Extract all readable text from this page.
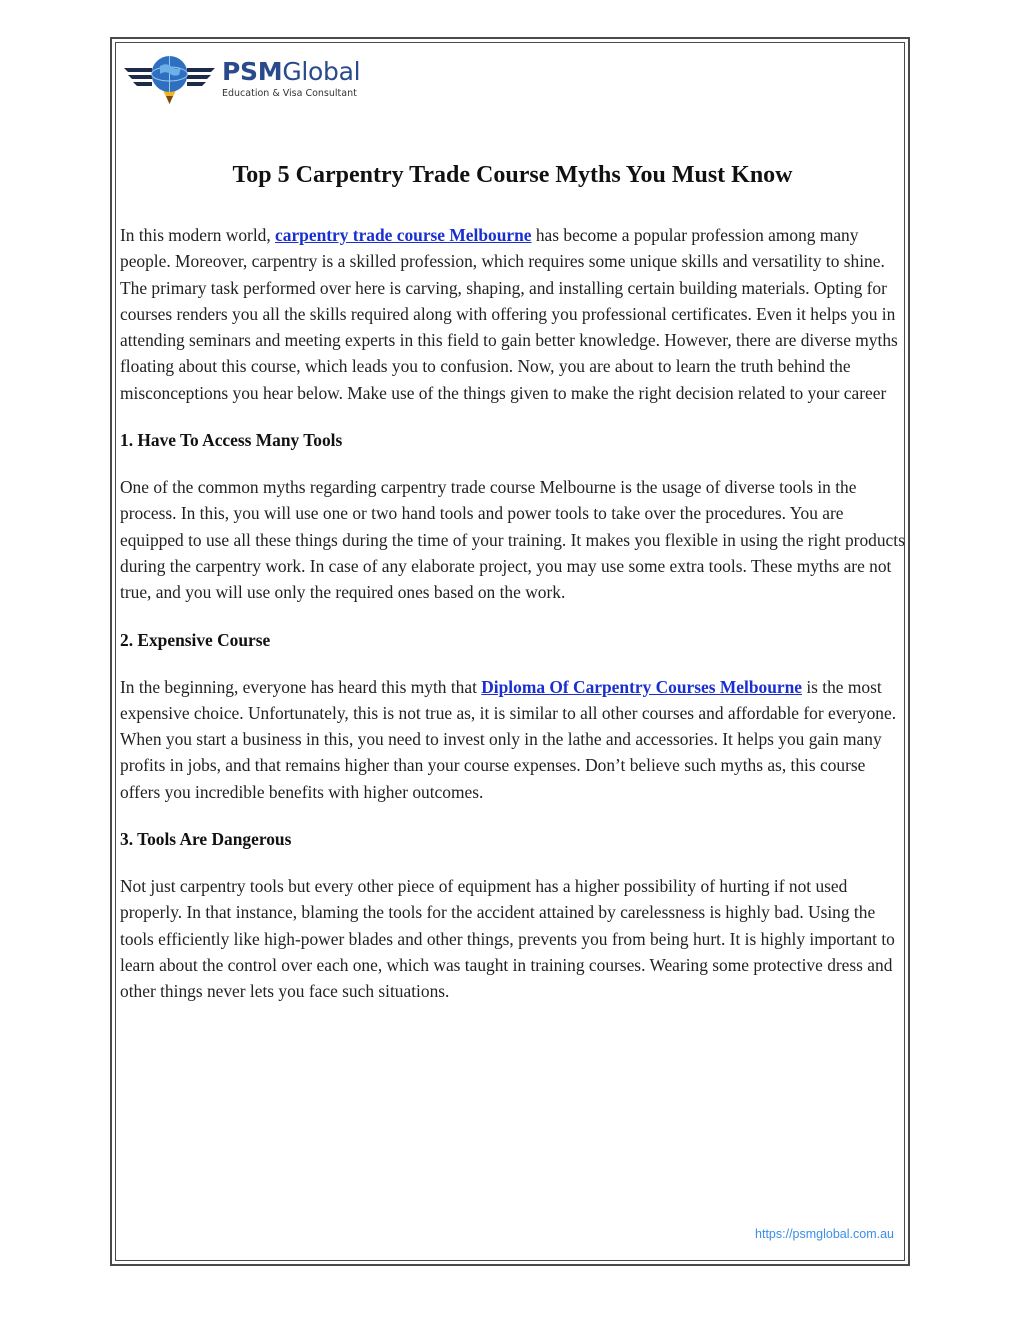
PSMGlobal
Education & Visa Consultant
Top 5 Carpentry Trade Course Myths You Must Know

In this modern world, carpentry trade course Melbourne has become a popular profession among many people. Moreover, carpentry is a skilled profession, which requires some unique skills and versatility to shine. The primary task performed over here is carving, shaping, and installing certain building materials. Opting for courses renders you all the skills required along with offering you professional certificates. Even it helps you in attending seminars and meeting experts in this field to gain better knowledge. However, there are diverse myths floating about this course, which leads you to confusion. Now, you are about to learn the truth behind the misconceptions you hear below. Make use of the things given to make the right decision related to your career

1. Have To Access Many Tools

One of the common myths regarding carpentry trade course Melbourne is the usage of diverse tools in the process. In this, you will use one or two hand tools and power tools to take over the procedures. You are equipped to use all these things during the time of your training. It makes you flexible in using the right products during the carpentry work. In case of any elaborate project, you may use some extra tools. These myths are not true, and you will use only the required ones based on the work.

2. Expensive Course

In the beginning, everyone has heard this myth that Diploma Of Carpentry Courses Melbourne is the most expensive choice. Unfortunately, this is not true as, it is similar to all other courses and affordable for everyone. When you start a business in this, you need to invest only in the lathe and accessories. It helps you gain many profits in jobs, and that remains higher than your course expenses. Don’t believe such myths as, this course offers you incredible benefits with higher outcomes.

3. Tools Are Dangerous

Not just carpentry tools but every other piece of equipment has a higher possibility of hurting if not used properly. In that instance, blaming the tools for the accident attained by carelessness is highly bad. Using the tools efficiently like high-power blades and other things, prevents you from being hurt. It is highly important to learn about the control over each one, which was taught in training courses. Wearing some protective dress and other things never lets you face such situations.

https://psmglobal.com.au
